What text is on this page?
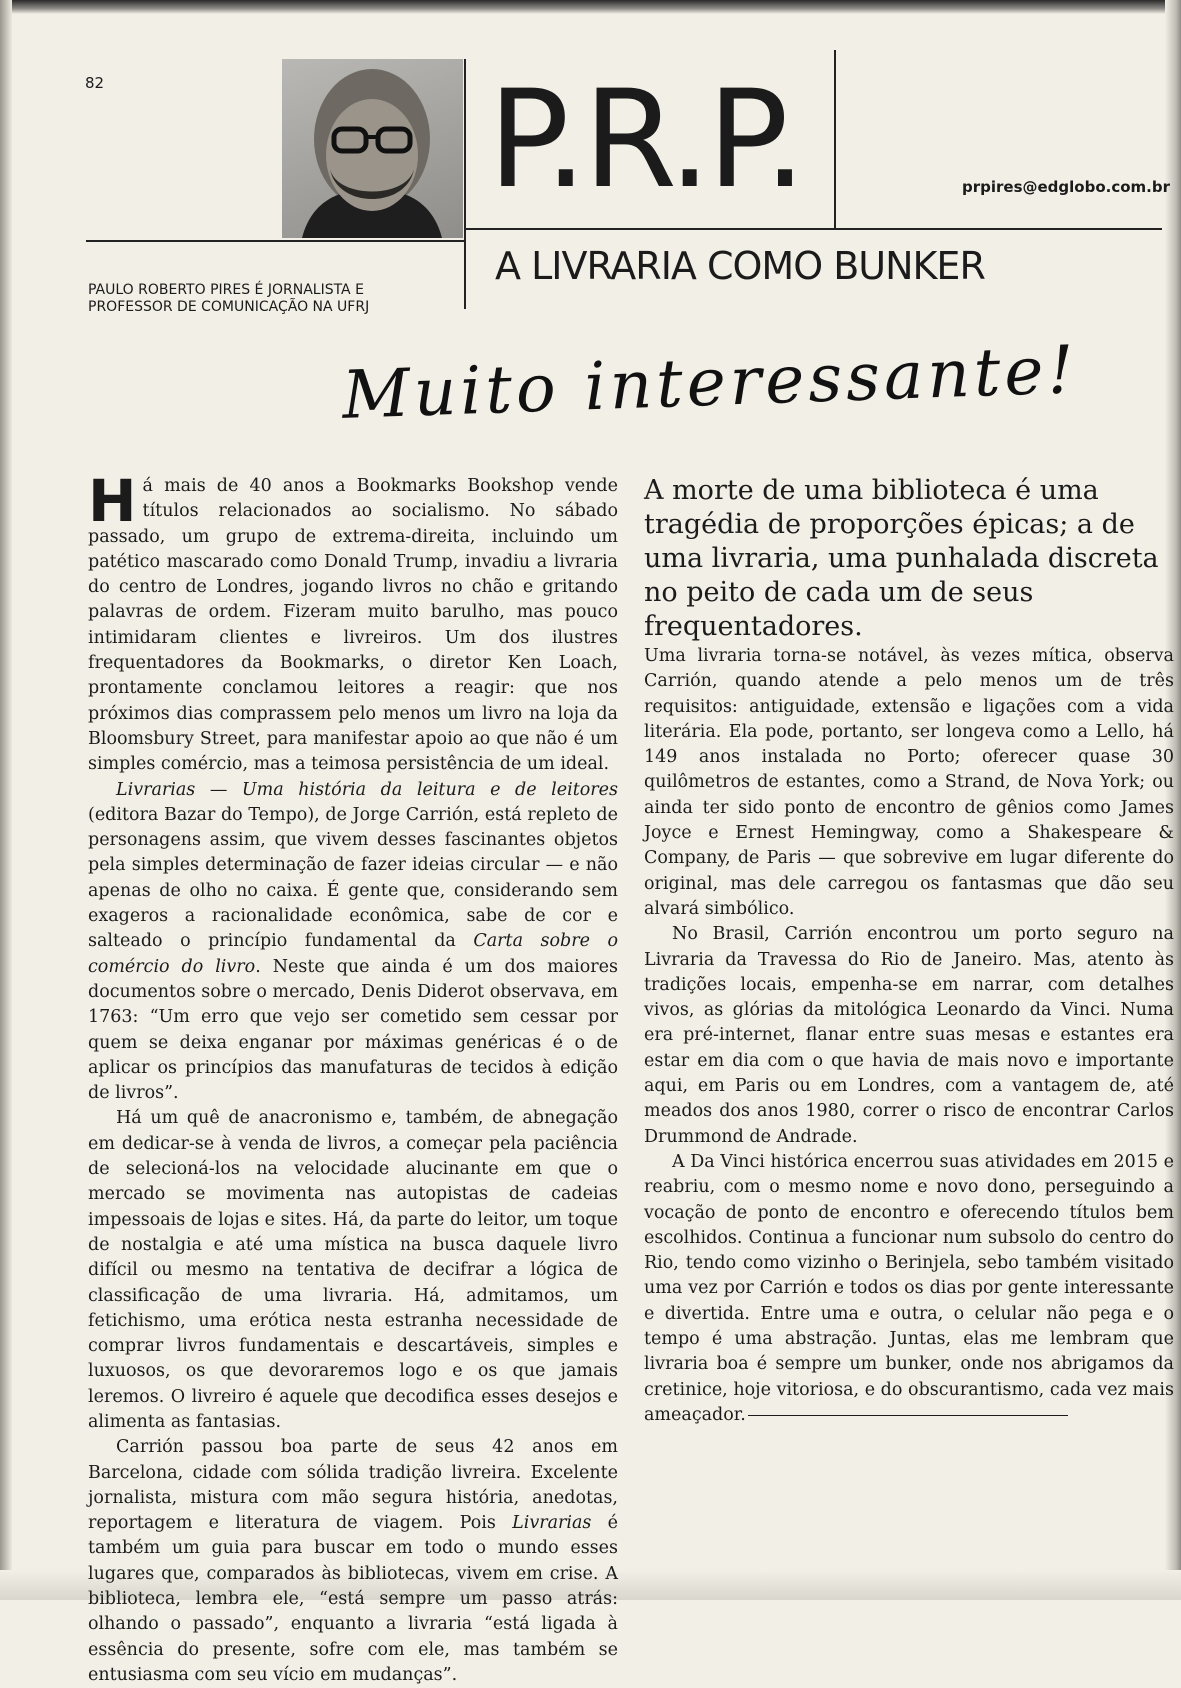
82	P.R.P.	prpires@edglobo.com.br
PAULO ROBERTO PIRES É JORNALISTA E PROFESSOR DE COMUNICAÇÃO NA UFRJ
A LIVRARIA COMO BUNKER
Muito interessante!

Há mais de 40 anos a Bookmarks Bookshop vende títulos relacionados ao socialismo. No sábado passado, um grupo de extrema-direita, incluindo um patético mascarado como Donald Trump, invadiu a livraria do centro de Londres, jogando livros no chão e gritando palavras de ordem. Fizeram muito barulho, mas pouco intimidaram clientes e livreiros. Um dos ilustres frequentadores da Bookmarks, o diretor Ken Loach, prontamente conclamou leitores a reagir: que nos próximos dias comprassem pelo menos um livro na loja da Bloomsbury Street, para manifestar apoio ao que não é um simples comércio, mas a teimosa persistência de um ideal.

Livrarias — Uma história da leitura e de leitores (editora Bazar do Tempo), de Jorge Carrión, está repleto de personagens assim, que vivem desses fascinantes objetos pela simples determinação de fazer ideias circular — e não apenas de olho no caixa. É gente que, considerando sem exageros a racionalidade econômica, sabe de cor e salteado o princípio fundamental da Carta sobre o comércio do livro. Neste que ainda é um dos maiores documentos sobre o mercado, Denis Diderot observava, em 1763: “Um erro que vejo ser cometido sem cessar por quem se deixa enganar por máximas genéricas é o de aplicar os princípios das manufaturas de tecidos à edição de livros”.

Há um quê de anacronismo e, também, de abnegação em dedicar-se à venda de livros, a começar pela paciência de selecioná-los na velocidade alucinante em que o mercado se movimenta nas autopistas de cadeias impessoais de lojas e sites. Há, da parte do leitor, um toque de nostalgia e até uma mística na busca daquele livro difícil ou mesmo na tentativa de decifrar a lógica de classificação de uma livraria. Há, admitamos, um fetichismo, uma erótica nesta estranha necessidade de comprar livros fundamentais e descartáveis, simples e luxuosos, os que devoraremos logo e os que jamais leremos. O livreiro é aquele que decodifica esses desejos e alimenta as fantasias.

Carrión passou boa parte de seus 42 anos em Barcelona, cidade com sólida tradição livreira. Excelente jornalista, mistura com mão segura história, anedotas, reportagem e literatura de viagem. Pois Livrarias é também um guia para buscar em todo o mundo esses lugares que, comparados às bibliotecas, vivem em crise. A biblioteca, lembra ele, “está sempre um passo atrás: olhando o passado”, enquanto a livraria “está ligada à essência do presente, sofre com ele, mas também se entusiasma com seu vício em mudanças”.

A morte de uma biblioteca é uma tragédia de proporções épicas; a de uma livraria, uma punhalada discreta no peito de cada um de seus frequentadores.

Uma livraria torna-se notável, às vezes mítica, observa Carrión, quando atende a pelo menos um de três requisitos: antiguidade, extensão e ligações com a vida literária. Ela pode, portanto, ser longeva como a Lello, há 149 anos instalada no Porto; oferecer quase 30 quilômetros de estantes, como a Strand, de Nova York; ou ainda ter sido ponto de encontro de gênios como James Joyce e Ernest Hemingway, como a Shakespeare & Company, de Paris — que sobrevive em lugar diferente do original, mas dele carregou os fantasmas que dão seu alvará simbólico.

No Brasil, Carrión encontrou um porto seguro na Livraria da Travessa do Rio de Janeiro. Mas, atento às tradições locais, empenha-se em narrar, com detalhes vivos, as glórias da mitológica Leonardo da Vinci. Numa era pré-internet, flanar entre suas mesas e estantes era estar em dia com o que havia de mais novo e importante aqui, em Paris ou em Londres, com a vantagem de, até meados dos anos 1980, correr o risco de encontrar Carlos Drummond de Andrade.

A Da Vinci histórica encerrou suas atividades em 2015 e reabriu, com o mesmo nome e novo dono, perseguindo a vocação de ponto de encontro e oferecendo títulos bem escolhidos. Continua a funcionar num subsolo do centro do Rio, tendo como vizinho o Berinjela, sebo também visitado uma vez por Carrión e todos os dias por gente interessante e divertida. Entre uma e outra, o celular não pega e o tempo é uma abstração. Juntas, elas me lembram que livraria boa é sempre um bunker, onde nos abrigamos da cretinice, hoje vitoriosa, e do obscurantismo, cada vez mais ameaçador.
